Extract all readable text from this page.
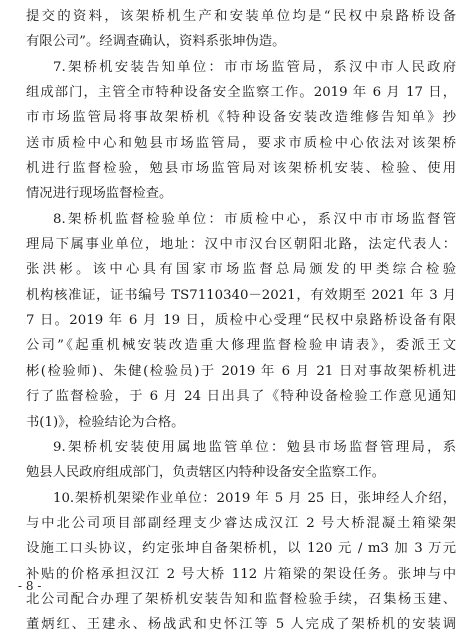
提交的资料，该架桥机生产和安装单位均是“民权中泉路桥设备
有限公司”。经调查确认，资料系张坤伪造。
7.架桥机安装告知单位：市市场监管局，系汉中市人民政府
组成部门，主管全市特种设备安全监察工作。2019 年 6 月 17 日，
市市场监管局将事故架桥机《特种设备安装改造维修告知单》抄
送市质检中心和勉县市场监管局，要求市质检中心依法对该架桥
机进行监督检验，勉县市场监管局对该架桥机安装、检验、使用
情况进行现场监督检查。
8.架桥机监督检验单位：市质检中心，系汉中市市场监督管
理局下属事业单位，地址：汉中市汉台区朝阳北路，法定代表人：
张洪彬。该中心具有国家市场监督总局颁发的甲类综合检验
机构核准证，证书编号 TS7110340－2021，有效期至 2021 年 3 月
7 日。2019 年 6 月 19 日，质检中心受理“民权中泉路桥设备有限
公司”《起重机械安装改造重大修理监督检验申请表》，委派王文
彬(检验师)、朱健(检验员)于 2019 年 6 月 21 日对事故架桥机进
行了监督检验，于 6 月 24 日出具了《特种设备检验工作意见通知
书(1)》，检验结论为合格。
9.架桥机安装使用属地监管单位：勉县市场监督管理局，系
勉县人民政府组成部门，负责辖区内特种设备安全监察工作。
10.架桥机架梁作业单位：2019 年 5 月 25 日，张坤经人介绍，
与中北公司项目部副经理支少睿达成汉江 2 号大桥混凝土箱梁架
设施工口头协议，约定张坤自备架桥机，以 120 元 / m3 加 3 万元
补贴的价格承担汉江 2 号大桥 112 片箱梁的架设任务。张坤与中
北公司配合办理了架桥机安装告知和监督检验手续，召集杨玉建、
董炳红、王建永、杨战武和史怀江等 5 人完成了架桥机的安装调
- 8 -
